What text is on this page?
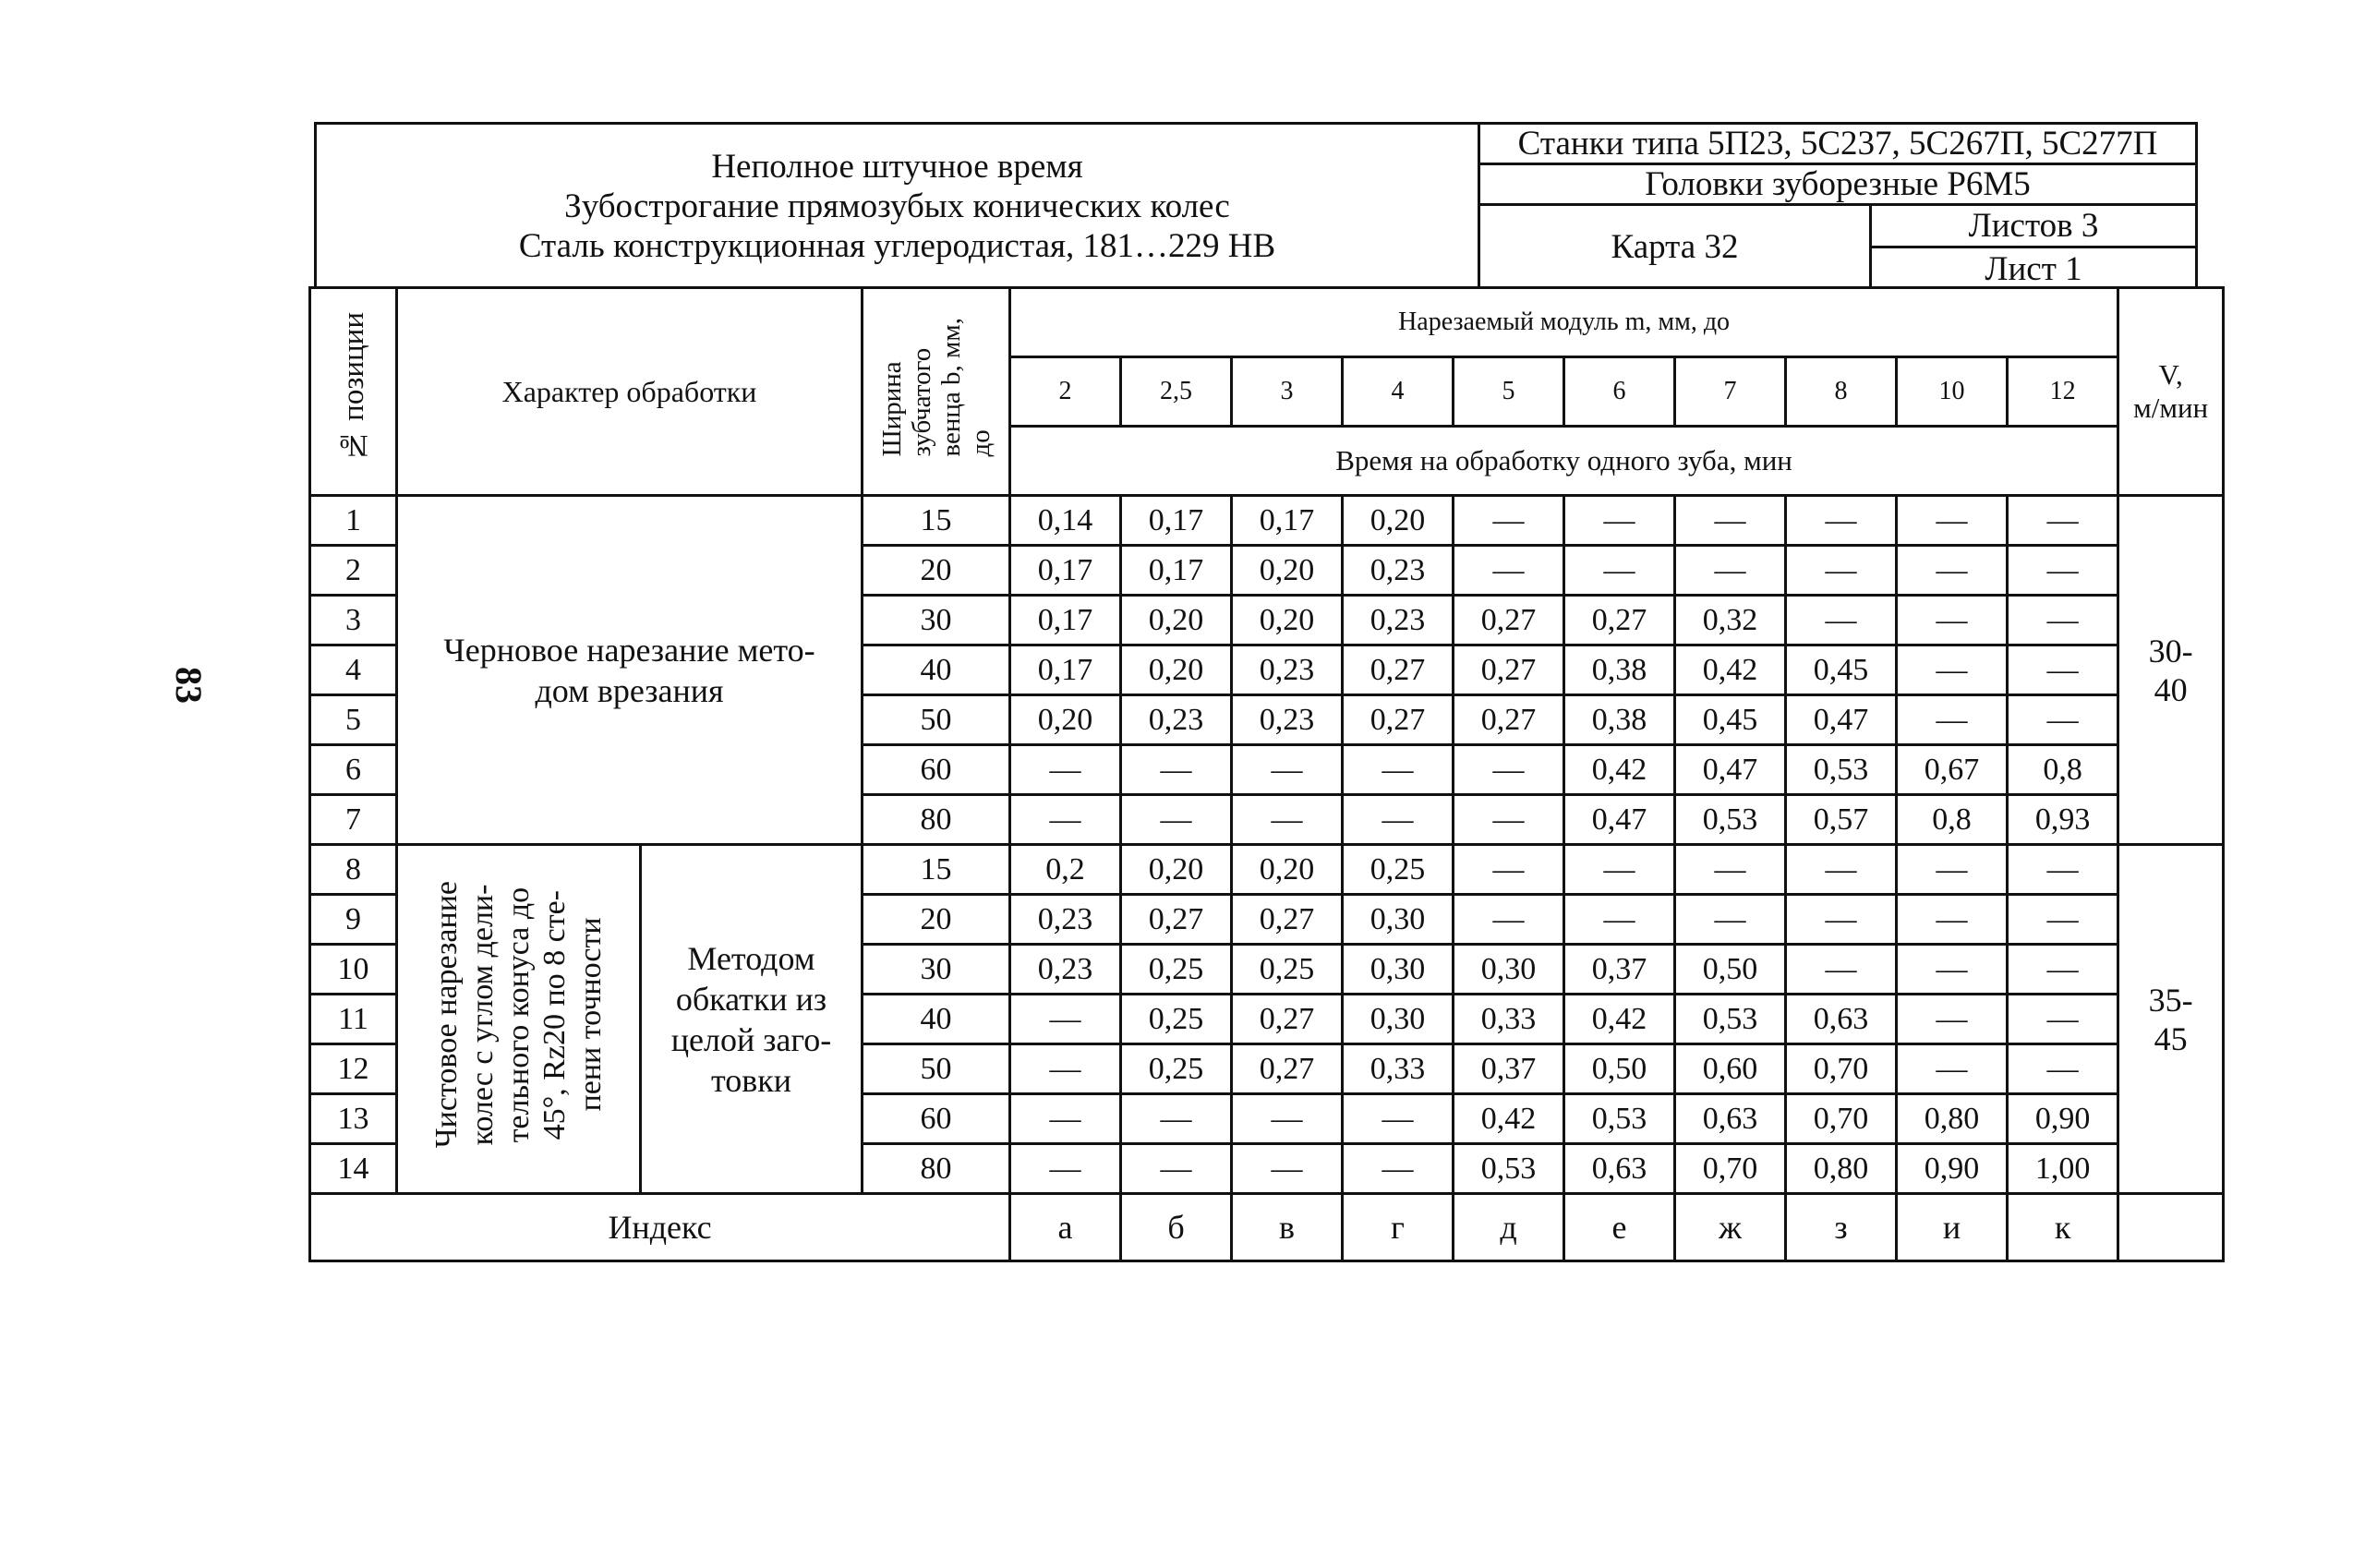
83
Неполное штучное время
Зубострогание прямозубых конических колес
Сталь конструкционная углеродистая, 181…229 НВ
Станки типа 5П23, 5С237, 5С267П, 5С277П
Головки зуборезные Р6М5
Карта 32
Листов 3
Лист 1
№ позиции	Характер обработки		Ширина
зубчатого
венца b, мм,
до	Нарезаемый модуль m, мм, до										V,
м/мин
				2	2,5	3	4	5	6	7	8	10	12	
				Время на обработку одного зуба, мин										
1	Черновое нарезание мето-
дом врезания		15	0,14	0,17	0,17	0,20	—	—	—	—	—	—	30-
40
2			20	0,17	0,17	0,20	0,23	—	—	—	—	—	—	
3			30	0,17	0,20	0,20	0,23	0,27	0,27	0,32	—	—	—	
4			40	0,17	0,20	0,23	0,27	0,27	0,38	0,42	0,45	—	—	
5			50	0,20	0,23	0,23	0,27	0,27	0,38	0,45	0,47	—	—	
6			60	—	—	—	—	—	0,42	0,47	0,53	0,67	0,8	
7			80	—	—	—	—	—	0,47	0,53	0,57	0,8	0,93	
8	Чистовое нарезание
колес с углом дели-
тельного конуса до
45°, Rz20 по 8 сте-
пени точности	Методом
обкатки из
целой заго-
товки	15	0,2	0,20	0,20	0,25	—	—	—	—	—	—	35-
45
9			20	0,23	0,27	0,27	0,30	—	—	—	—	—	—	
10			30	0,23	0,25	0,25	0,30	0,30	0,37	0,50	—	—	—	
11			40	—	0,25	0,27	0,30	0,33	0,42	0,53	0,63	—	—	
12			50	—	0,25	0,27	0,33	0,37	0,50	0,60	0,70	—	—	
13			60	—	—	—	—	0,42	0,53	0,63	0,70	0,80	0,90	
14			80	—	—	—	—	0,53	0,63	0,70	0,80	0,90	1,00	
Индекс				а	б	в	г	д	е	ж	з	и	к	
